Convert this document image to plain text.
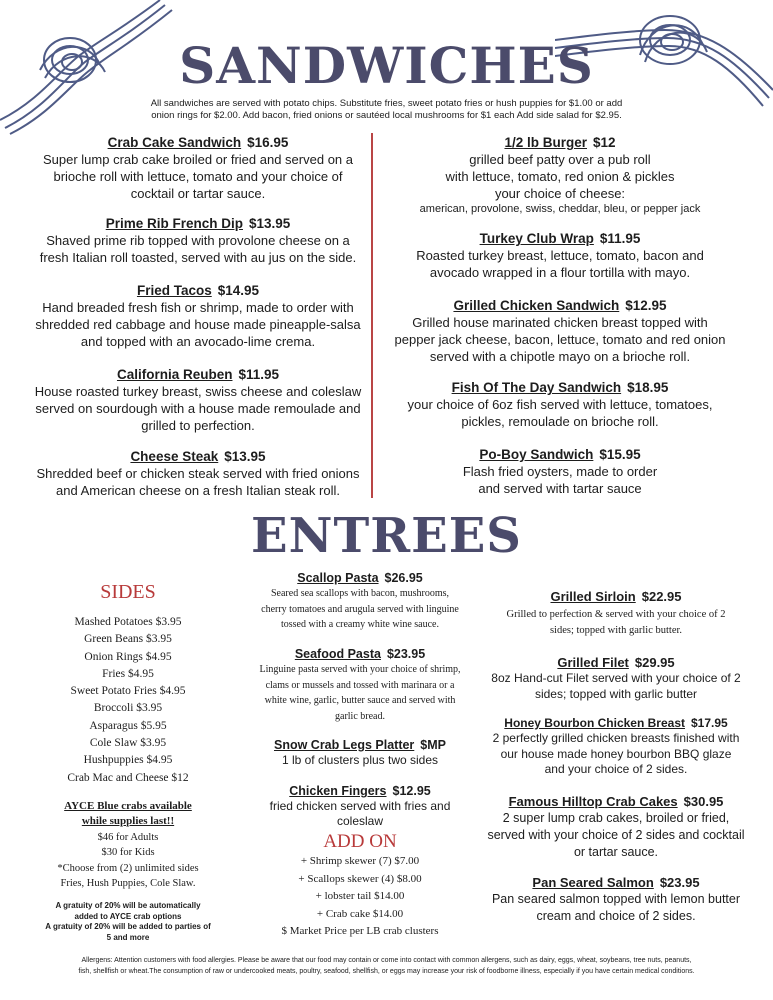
SANDWICHES
All sandwiches are served with potato chips. Substitute fries, sweet potato fries or hush puppies for $1.00 or add
onion rings for $2.00. Add bacon, fried onions or sautéed local mushrooms for $1 each Add side salad for $2.95.
Crab Cake Sandwich $16.95
Super lump crab cake broiled or fried and served on a
brioche roll with lettuce, tomato and your choice of
cocktail or tartar sauce.
Prime Rib French Dip $13.95
Shaved prime rib topped with provolone cheese on a
fresh Italian roll toasted, served with au jus on the side.
Fried Tacos $14.95
Hand breaded fresh fish or shrimp, made to order with
shredded red cabbage and house made pineapple-salsa
and topped with an avocado-lime crema.
California Reuben $11.95
House roasted turkey breast, swiss cheese and coleslaw
served on sourdough with a house made remoulade and
grilled to perfection.
Cheese Steak $13.95
Shredded beef or chicken steak served with fried onions
and American cheese on a fresh Italian steak roll.
1/2 lb Burger $12
grilled beef patty over a pub roll
with lettuce, tomato, red onion & pickles
your choice of cheese:
american, provolone, swiss, cheddar, bleu, or pepper jack
Turkey Club Wrap $11.95
Roasted turkey breast, lettuce, tomato, bacon and
avocado wrapped in a flour tortilla with mayo.
Grilled Chicken Sandwich $12.95
Grilled house marinated chicken breast topped with
pepper jack cheese, bacon, lettuce, tomato and red onion
served with a chipotle mayo on a brioche roll.
Fish Of The Day Sandwich $18.95
your choice of 6oz fish served with lettuce, tomatoes,
pickles, remoulade on brioche roll.
Po-Boy Sandwich $15.95
Flash fried oysters, made to order
and served with tartar sauce
ENTREES
SIDES
Mashed Potatoes $3.95
Green Beans $3.95
Onion Rings $4.95
Fries $4.95
Sweet Potato Fries $4.95
Broccoli $3.95
Asparagus $5.95
Cole Slaw $3.95
Hushpuppies $4.95
Crab Mac and Cheese $12
AYCE Blue crabs available
while supplies last!!
$46 for Adults
$30 for Kids
*Choose from (2) unlimited sides
Fries, Hush Puppies, Cole Slaw.
A gratuity of 20% will be automatically
added to AYCE crab options
A gratuity of 20% will be added to parties of
5 and more
Scallop Pasta $26.95
Seared sea scallops with bacon, mushrooms,
cherry tomatoes and arugula served with linguine
tossed with a creamy white wine sauce.
Seafood Pasta $23.95
Linguine pasta served with your choice of shrimp,
clams or mussels and tossed with marinara or a
white wine, garlic, butter sauce and served with
garlic bread.
Snow Crab Legs Platter $MP
1 lb of clusters plus two sides
Chicken Fingers $12.95
fried chicken served with fries and
coleslaw
ADD ON
+ Shrimp skewer (7) $7.00
+ Scallops skewer (4) $8.00
+ lobster tail $14.00
+ Crab cake $14.00
$ Market Price per LB crab clusters
Grilled Sirloin $22.95
Grilled to perfection & served with your choice of 2
sides; topped with garlic butter.
Grilled Filet $29.95
8oz Hand-cut Filet served with your choice of 2
sides; topped with garlic butter
Honey Bourbon Chicken Breast $17.95
2 perfectly grilled chicken breasts finished with
our house made honey bourbon BBQ glaze
and your choice of 2 sides.
Famous Hilltop Crab Cakes $30.95
2 super lump crab cakes, broiled or fried,
served with your choice of 2 sides and cocktail
or tartar sauce.
Pan Seared Salmon $23.95
Pan seared salmon topped with lemon butter
cream and choice of 2 sides.
Allergens: Attention customers with food allergies. Please be aware that our food may contain or come into contact with common allergens, such as dairy, eggs, wheat, soybeans, tree nuts, peanuts,
fish, shellfish or wheat.The consumption of raw or undercooked meats, poultry, seafood, shellfish, or eggs may increase your risk of foodborne illness, especially if you have certain medical conditions.
